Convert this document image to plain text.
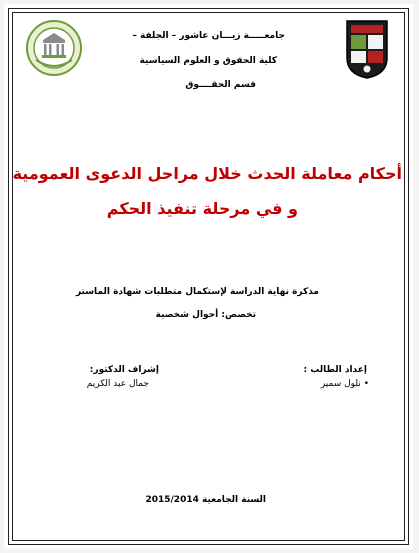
جامعـــــة زيـــان عاشور – الجلفة –
كلية الحقوق و العلوم السياسية
قسم الحقــــوق
أحكام معاملة الحدث خلال مراحل الدعوى العمومية
و في مرحلة تنفيذ الحكم
مذكرة نهاية الدراسة لإستكمال متطلبات شهادة الماستر
تخصص: أحوال شخصية
إعداد الطالب :
إشراف الدكتور:
• نلول سمير
جمال عبد الكريم
السنة الجامعية 2015/2014
